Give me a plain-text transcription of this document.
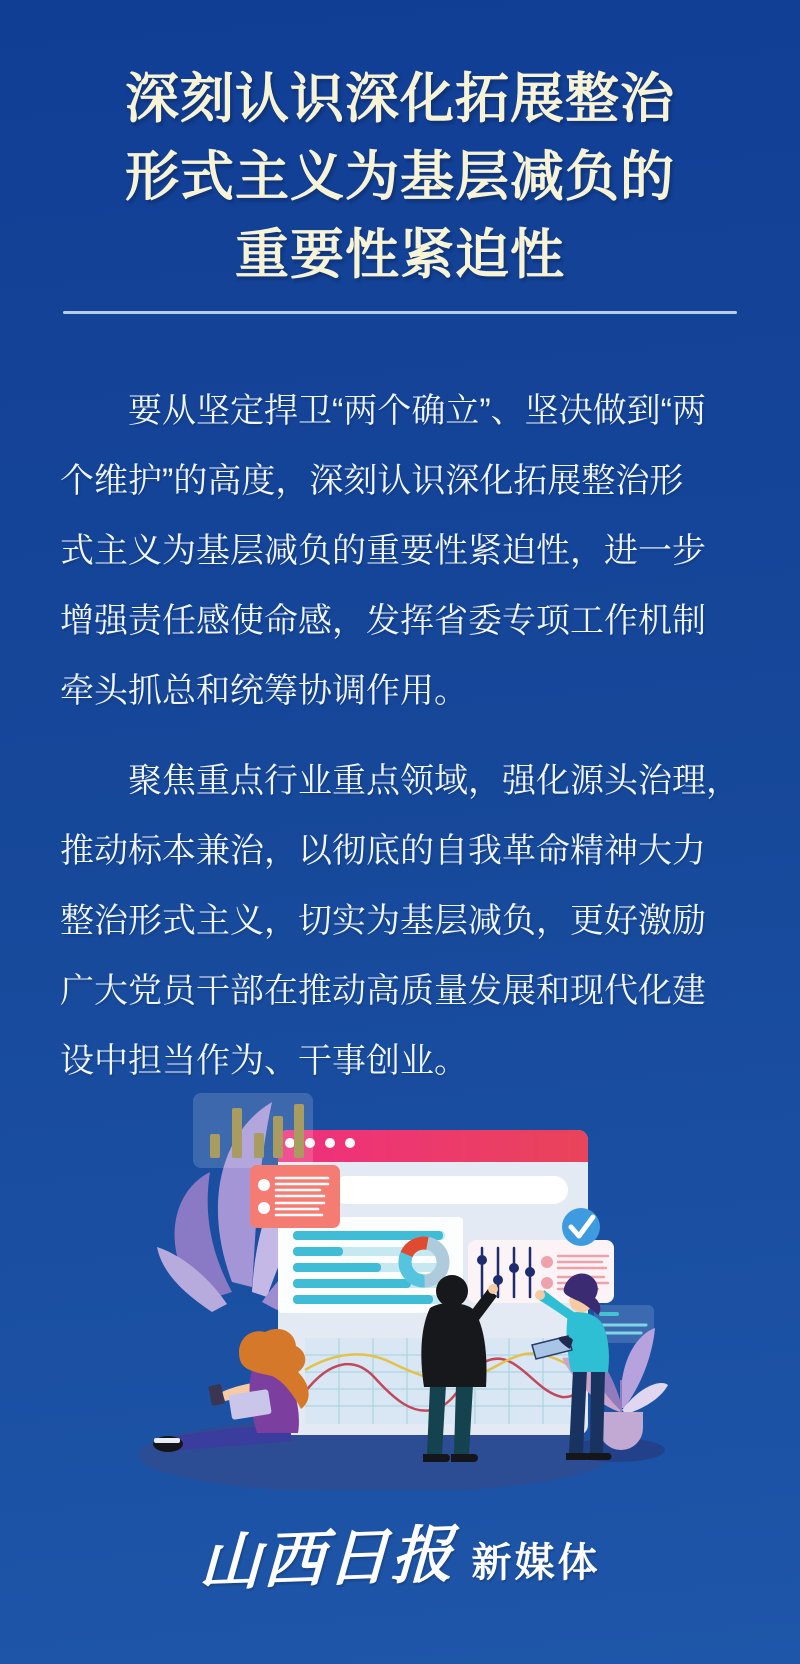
深刻认识深化拓展整治
形式主义为基层减负的
重要性紧迫性
要从坚定捍卫“两个确立”、坚决做到“两
个维护”的高度，深刻认识深化拓展整治形
式主义为基层减负的重要性紧迫性，进一步
增强责任感使命感，发挥省委专项工作机制
牵头抓总和统筹协调作用。
聚焦重点行业重点领域，强化源头治理，
推动标本兼治，以彻底的自我革命精神大力
整治形式主义，切实为基层减负，更好激励
广大党员干部在推动高质量发展和现代化建
设中担当作为、干事创业。
山西日报 新媒体
